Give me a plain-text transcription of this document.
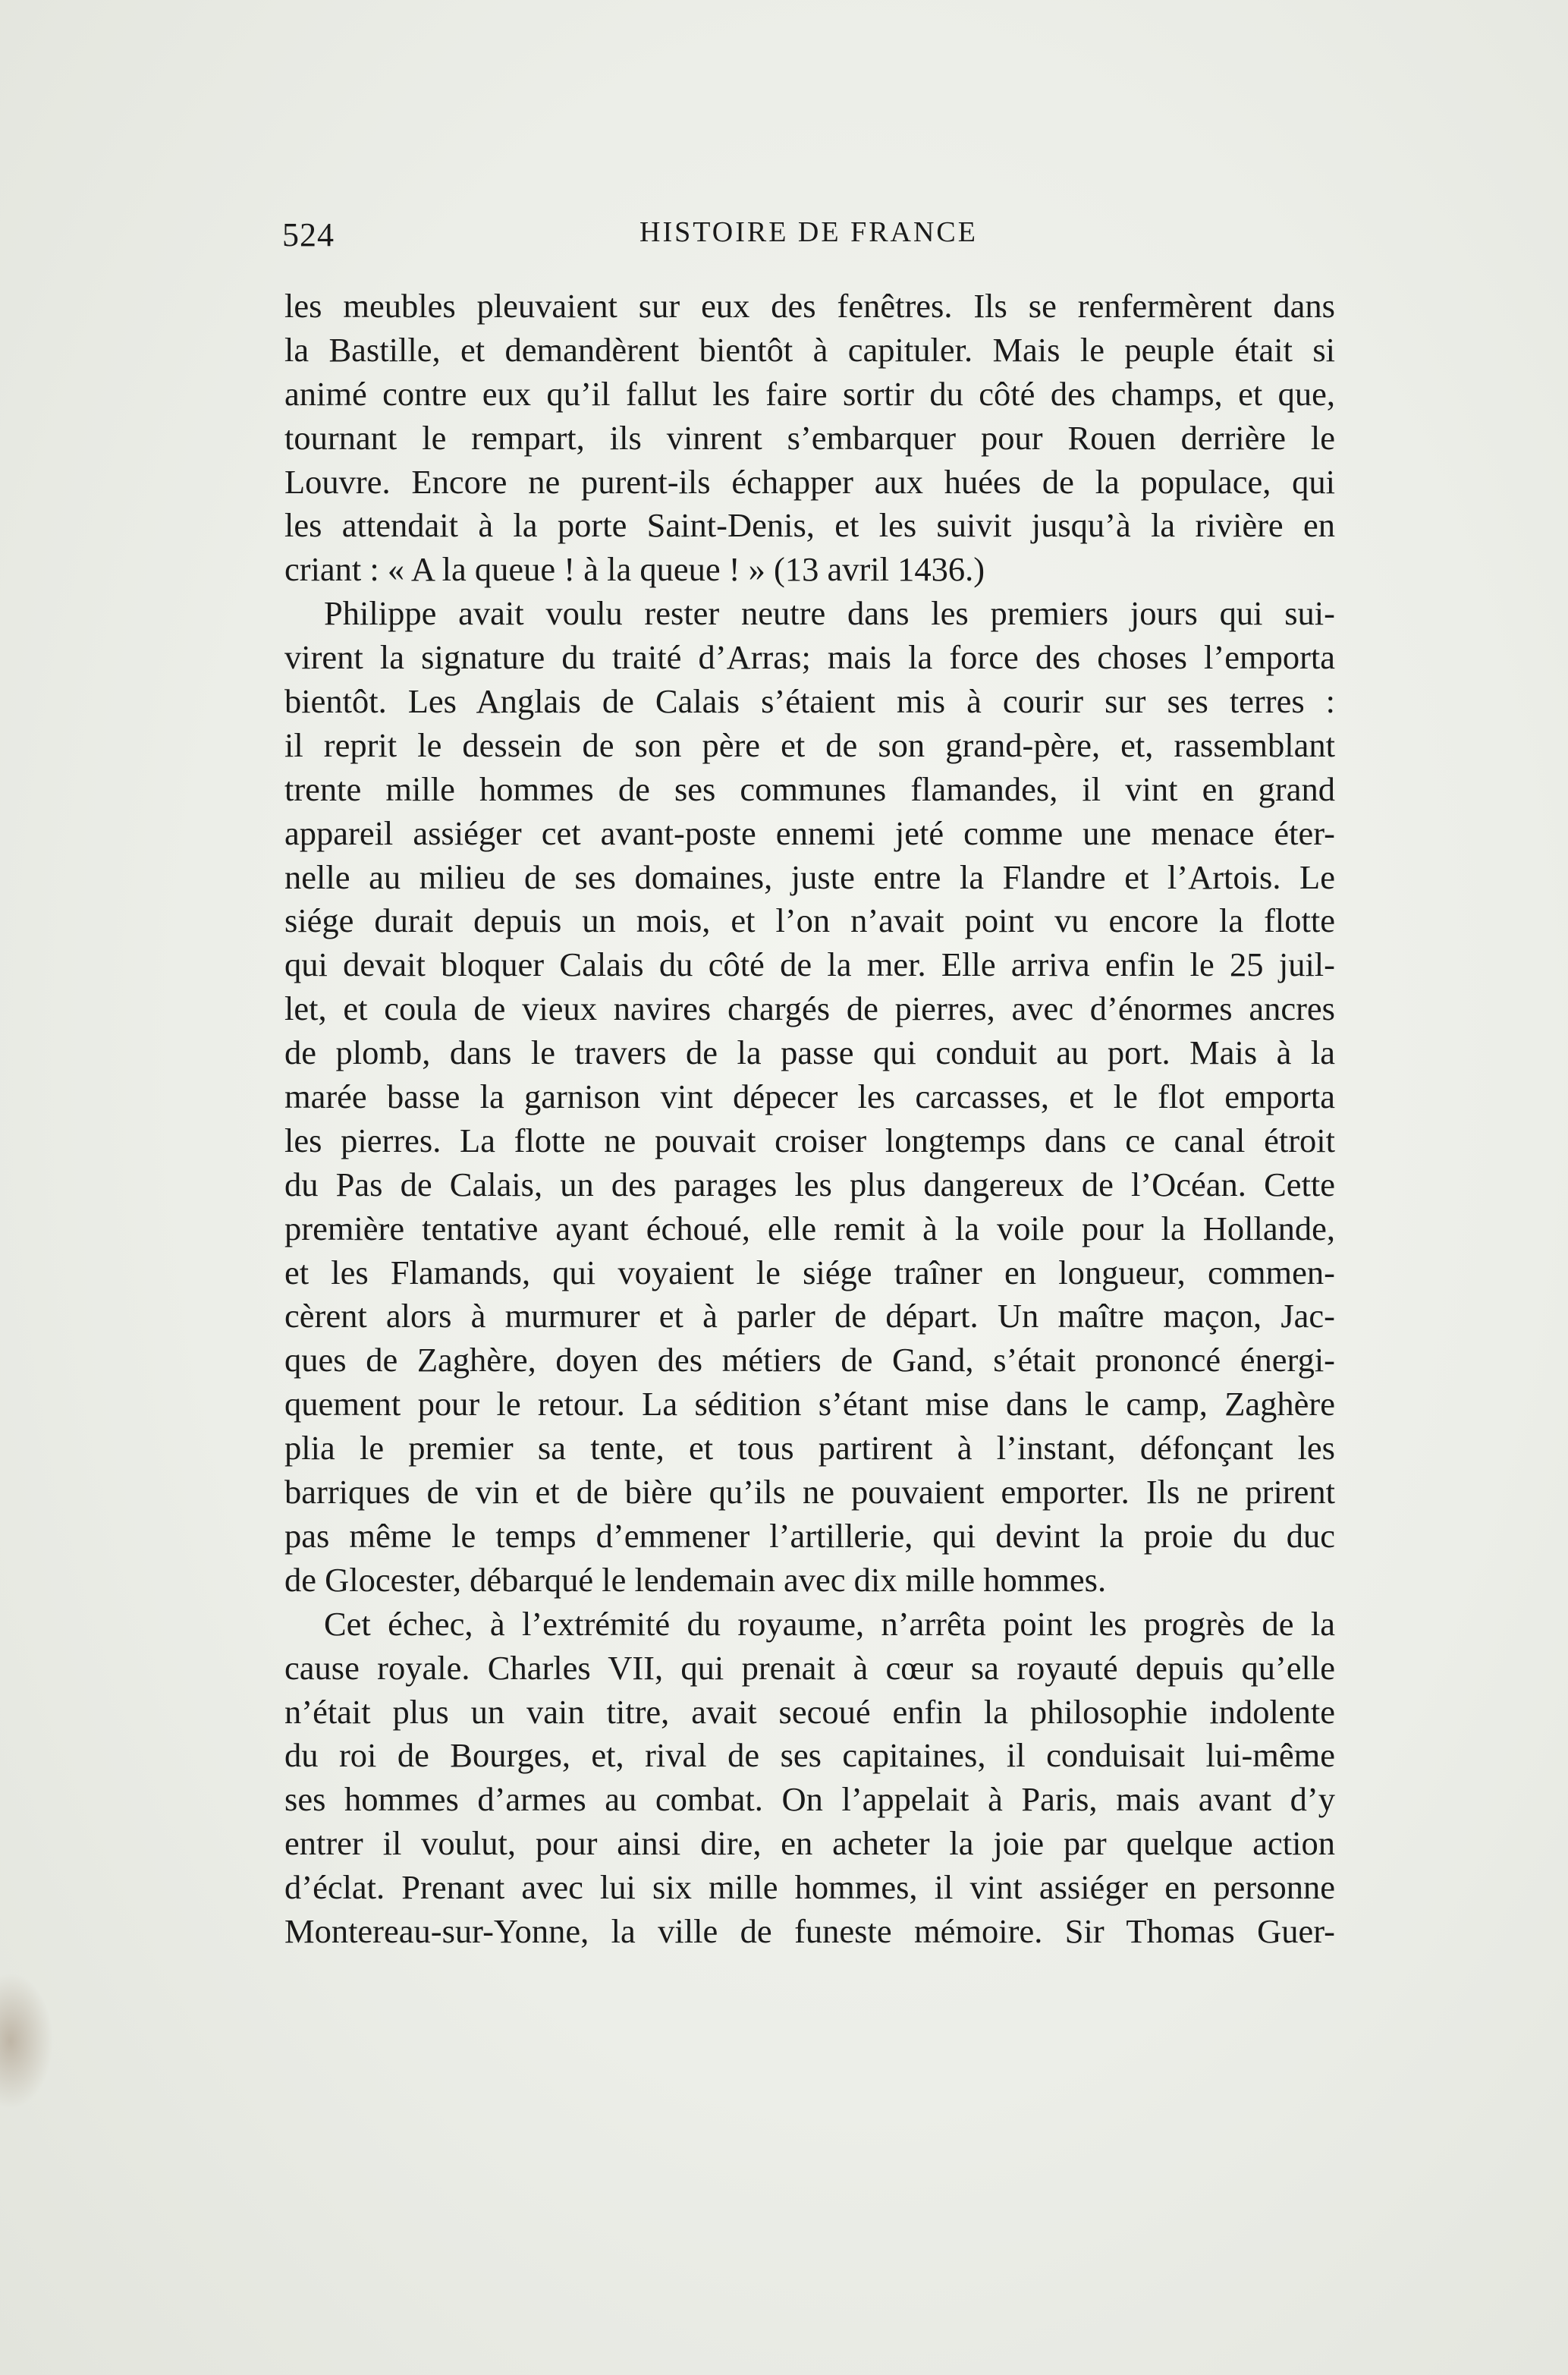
524	HISTOIRE DE FRANCE
les meubles pleuvaient sur eux des fenêtres. Ils se renfermèrent dans
la Bastille, et demandèrent bientôt à capituler. Mais le peuple était si
animé contre eux qu’il fallut les faire sortir du côté des champs, et que,
tournant le rempart, ils vinrent s’embarquer pour Rouen derrière le
Louvre. Encore ne purent-ils échapper aux huées de la populace, qui
les attendait à la porte Saint-Denis, et les suivit jusqu’à la rivière en
criant : « A la queue ! à la queue ! » (13 avril 1436.)
Philippe avait voulu rester neutre dans les premiers jours qui sui-
virent la signature du traité d’Arras; mais la force des choses l’emporta
bientôt. Les Anglais de Calais s’étaient mis à courir sur ses terres :
il reprit le dessein de son père et de son grand-père, et, rassemblant
trente mille hommes de ses communes flamandes, il vint en grand
appareil assiéger cet avant-poste ennemi jeté comme une menace éter-
nelle au milieu de ses domaines, juste entre la Flandre et l’Artois. Le
siége durait depuis un mois, et l’on n’avait point vu encore la flotte
qui devait bloquer Calais du côté de la mer. Elle arriva enfin le 25 juil-
let, et coula de vieux navires chargés de pierres, avec d’énormes ancres
de plomb, dans le travers de la passe qui conduit au port. Mais à la
marée basse la garnison vint dépecer les carcasses, et le flot emporta
les pierres. La flotte ne pouvait croiser longtemps dans ce canal étroit
du Pas de Calais, un des parages les plus dangereux de l’Océan. Cette
première tentative ayant échoué, elle remit à la voile pour la Hollande,
et les Flamands, qui voyaient le siége traîner en longueur, commen-
cèrent alors à murmurer et à parler de départ. Un maître maçon, Jac-
ques de Zaghère, doyen des métiers de Gand, s’était prononcé énergi-
quement pour le retour. La sédition s’étant mise dans le camp, Zaghère
plia le premier sa tente, et tous partirent à l’instant, défonçant les
barriques de vin et de bière qu’ils ne pouvaient emporter. Ils ne prirent
pas même le temps d’emmener l’artillerie, qui devint la proie du duc
de Glocester, débarqué le lendemain avec dix mille hommes.
Cet échec, à l’extrémité du royaume, n’arrêta point les progrès de la
cause royale. Charles VII, qui prenait à cœur sa royauté depuis qu’elle
n’était plus un vain titre, avait secoué enfin la philosophie indolente
du roi de Bourges, et, rival de ses capitaines, il conduisait lui-même
ses hommes d’armes au combat. On l’appelait à Paris, mais avant d’y
entrer il voulut, pour ainsi dire, en acheter la joie par quelque action
d’éclat. Prenant avec lui six mille hommes, il vint assiéger en personne
Montereau-sur-Yonne, la ville de funeste mémoire. Sir Thomas Guer-
